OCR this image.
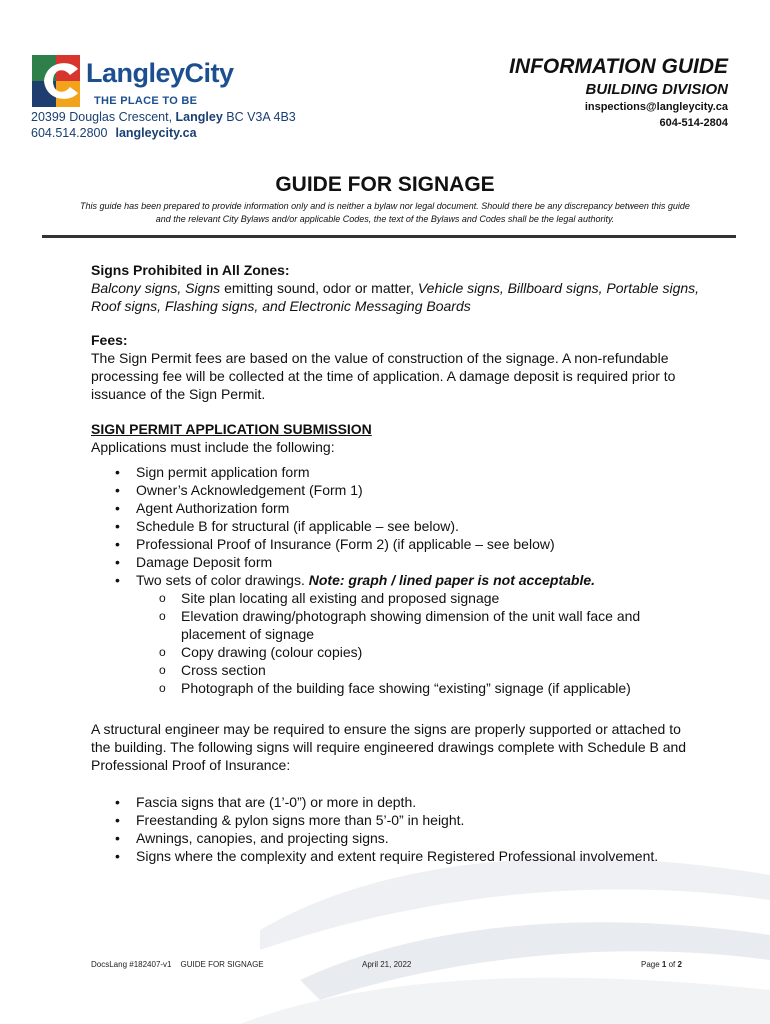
LangleyCity
THE PLACE TO BE
20399 Douglas Crescent, Langley BC V3A 4B3
604.514.2800 langleycity.ca
INFORMATION GUIDE
BUILDING DIVISION
inspections@langleycity.ca
604-514-2804
GUIDE FOR SIGNAGE
This guide has been prepared to provide information only and is neither a bylaw nor legal document. Should there be any discrepancy between this guide and the relevant City Bylaws and/or applicable Codes, the text of the Bylaws and Codes shall be the legal authority.
Signs Prohibited in All Zones:
Balcony signs, Signs emitting sound, odor or matter, Vehicle signs, Billboard signs, Portable signs, Roof signs, Flashing signs, and Electronic Messaging Boards
Fees:
The Sign Permit fees are based on the value of construction of the signage. A non-refundable processing fee will be collected at the time of application. A damage deposit is required prior to issuance of the Sign Permit.
SIGN PERMIT APPLICATION SUBMISSION
Applications must include the following:
• Sign permit application form
• Owner’s Acknowledgement (Form 1)
• Agent Authorization form
• Schedule B for structural (if applicable – see below).
• Professional Proof of Insurance (Form 2) (if applicable – see below)
• Damage Deposit form
• Two sets of color drawings. Note: graph / lined paper is not acceptable.
o Site plan locating all existing and proposed signage
o Elevation drawing/photograph showing dimension of the unit wall face and placement of signage
o Copy drawing (colour copies)
o Cross section
o Photograph of the building face showing “existing” signage (if applicable)
A structural engineer may be required to ensure the signs are properly supported or attached to the building. The following signs will require engineered drawings complete with Schedule B and Professional Proof of Insurance:
• Fascia signs that are (1’-0”) or more in depth.
• Freestanding & pylon signs more than 5’-0” in height.
• Awnings, canopies, and projecting signs.
• Signs where the complexity and extent require Registered Professional involvement.
DocsLang #182407-v1 GUIDE FOR SIGNAGE	April 21, 2022	Page 1 of 2
